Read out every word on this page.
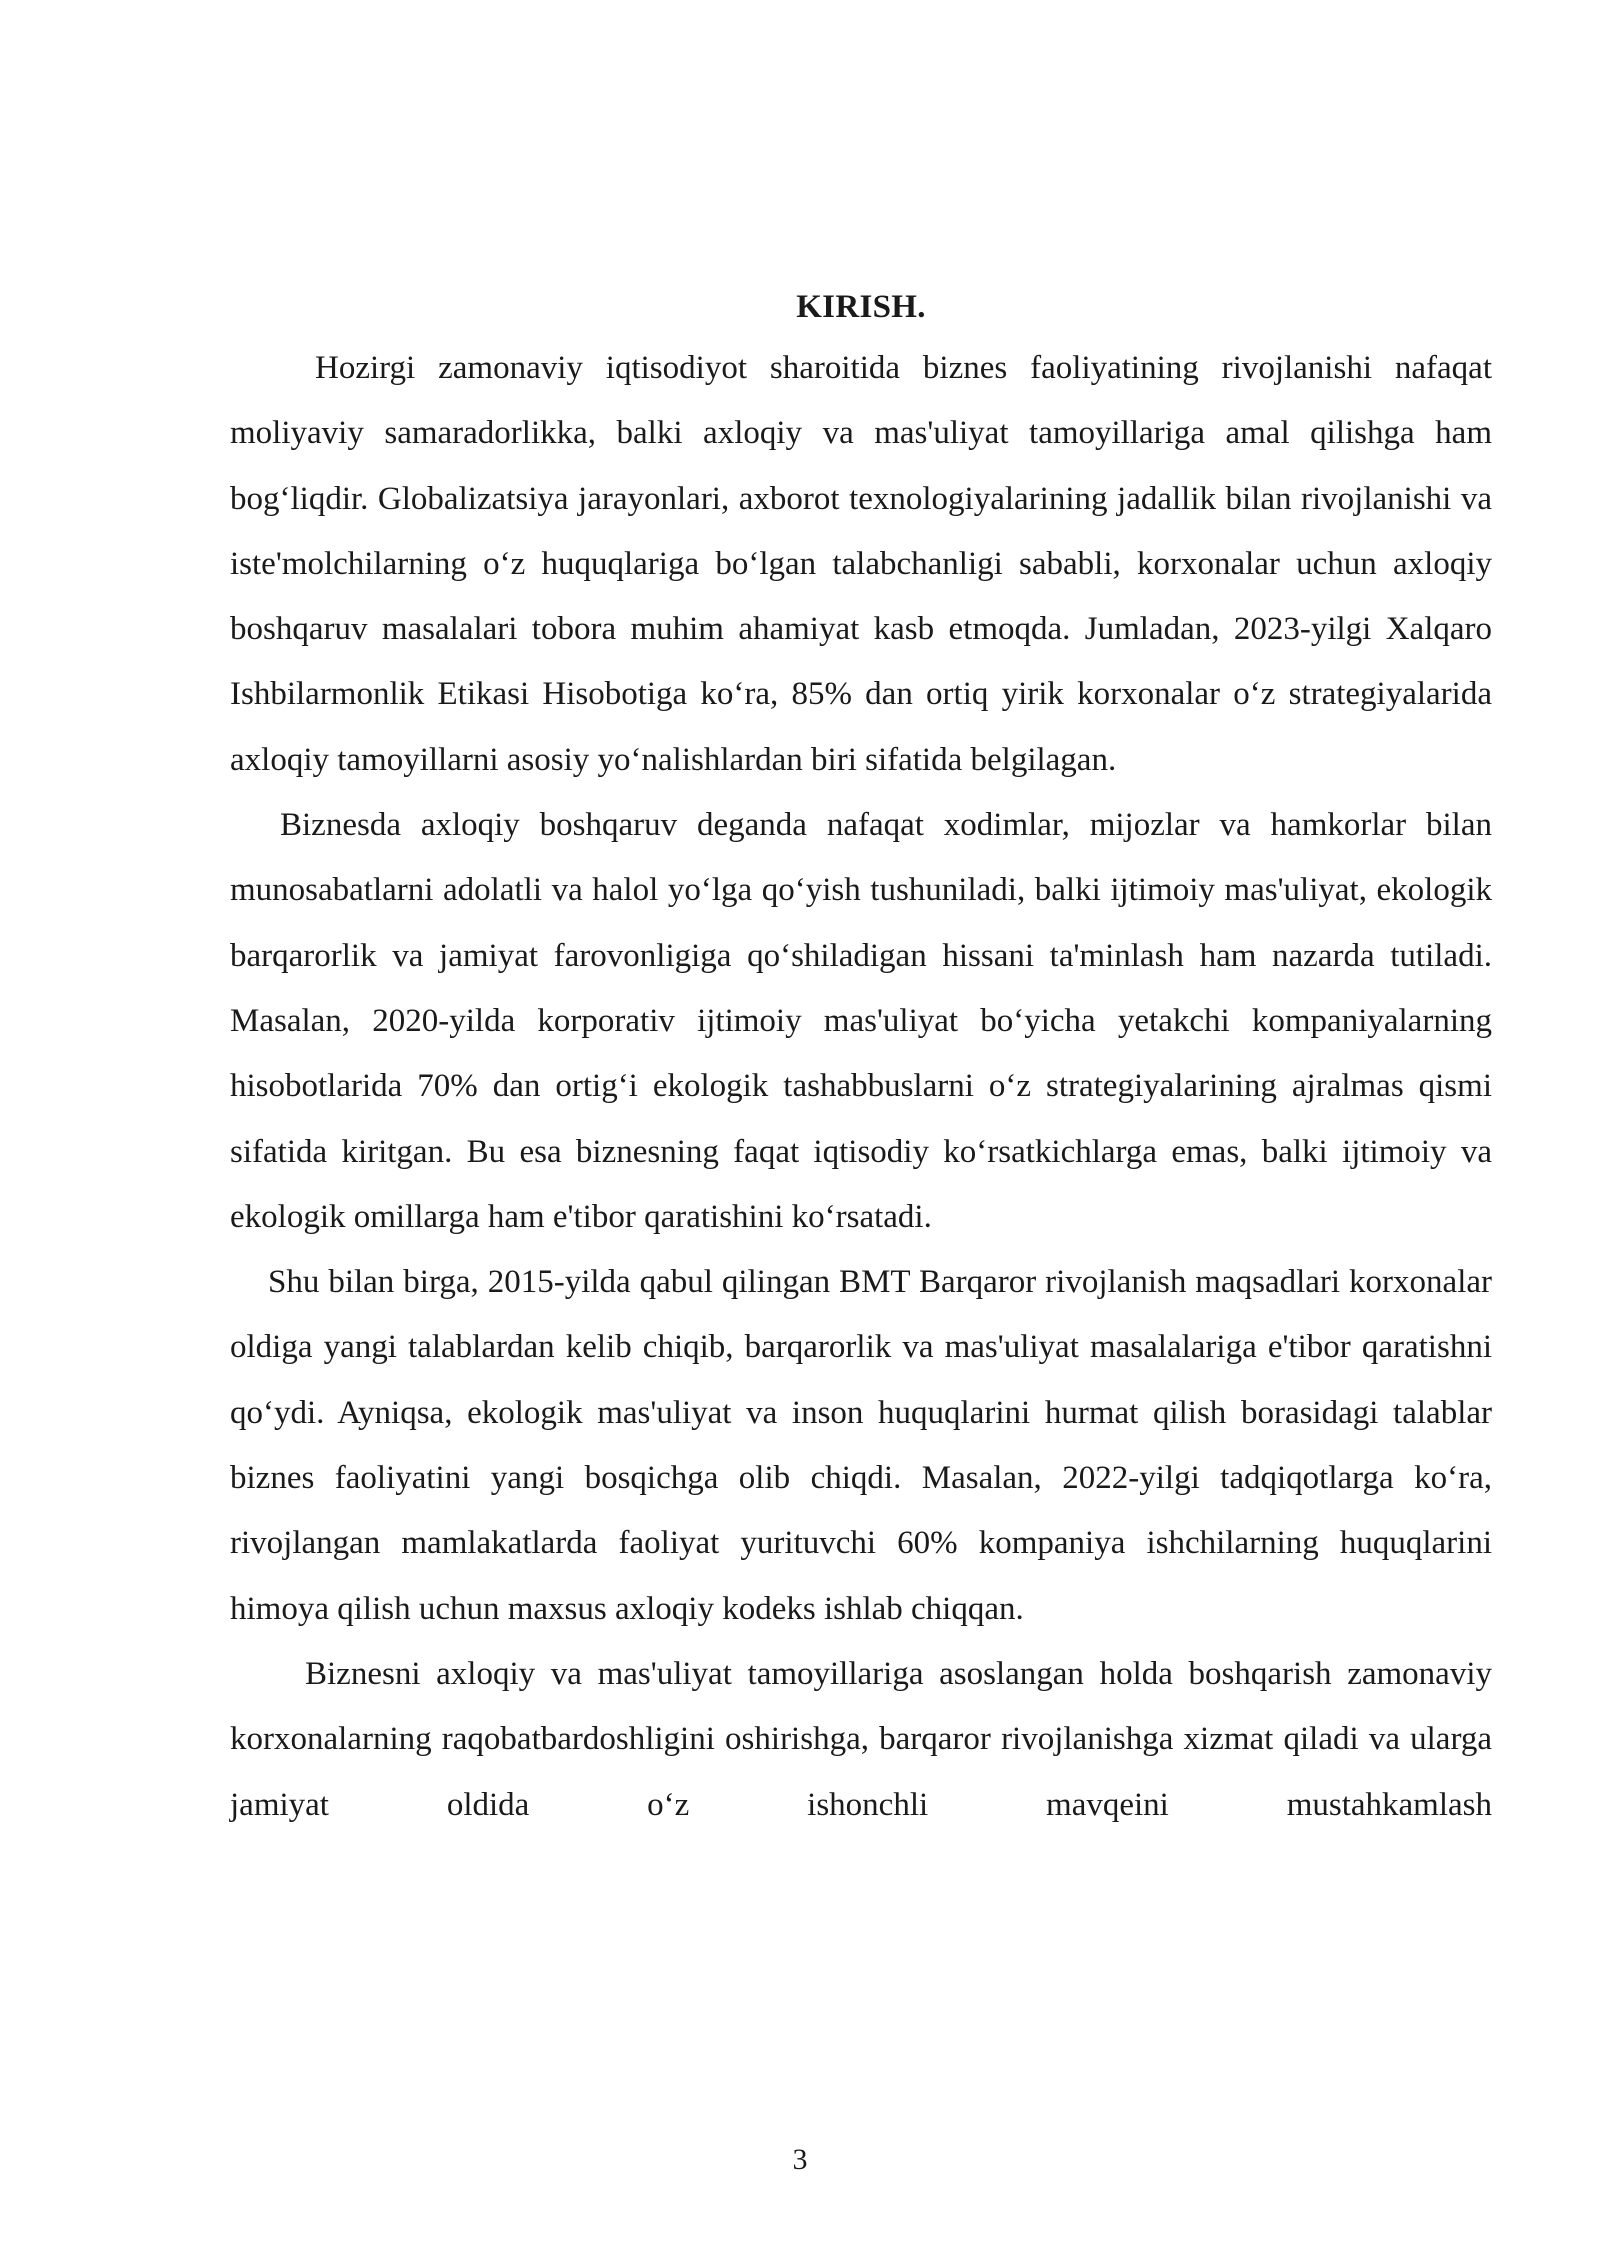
KIRISH.

Hozirgi zamonaviy iqtisodiyot sharoitida biznes faoliyatining rivojlanishi nafaqat moliyaviy samaradorlikka, balki axloqiy va mas'uliyat tamoyillariga amal qilishga ham bog‘liqdir. Globalizatsiya jarayonlari, axborot texnologiyalarining jadallik bilan rivojlanishi va iste'molchilarning o‘z huquqlariga bo‘lgan talabchanligi sababli, korxonalar uchun axloqiy boshqaruv masalalari tobora muhim ahamiyat kasb etmoqda. Jumladan, 2023-yilgi Xalqaro Ishbilarmonlik Etikasi Hisobotiga ko‘ra, 85% dan ortiq yirik korxonalar o‘z strategiyalarida axloqiy tamoyillarni asosiy yo‘nalishlardan biri sifatida belgilagan.

Biznesda axloqiy boshqaruv deganda nafaqat xodimlar, mijozlar va hamkorlar bilan munosabatlarni adolatli va halol yo‘lga qo‘yish tushuniladi, balki ijtimoiy mas'uliyat, ekologik barqarorlik va jamiyat farovonligiga qo‘shiladigan hissani ta'minlash ham nazarda tutiladi. Masalan, 2020-yilda korporativ ijtimoiy mas'uliyat bo‘yicha yetakchi kompaniyalarning hisobotlarida 70% dan ortig‘i ekologik tashabbuslarni o‘z strategiyalarining ajralmas qismi sifatida kiritgan. Bu esa biznesning faqat iqtisodiy ko‘rsatkichlarga emas, balki ijtimoiy va ekologik omillarga ham e'tibor qaratishini ko‘rsatadi.

Shu bilan birga, 2015-yilda qabul qilingan BMT Barqaror rivojlanish maqsadlari korxonalar oldiga yangi talablardan kelib chiqib, barqarorlik va mas'uliyat masalalariga e'tibor qaratishni qo‘ydi. Ayniqsa, ekologik mas'uliyat va inson huquqlarini hurmat qilish borasidagi talablar biznes faoliyatini yangi bosqichga olib chiqdi. Masalan, 2022-yilgi tadqiqotlarga ko‘ra, rivojlangan mamlakatlarda faoliyat yurituvchi 60% kompaniya ishchilarning huquqlarini himoya qilish uchun maxsus axloqiy kodeks ishlab chiqqan.

Biznesni axloqiy va mas'uliyat tamoyillariga asoslangan holda boshqarish zamonaviy korxonalarning raqobatbardoshligini oshirishga, barqaror rivojlanishga xizmat qiladi va ularga jamiyat oldida o‘z ishonchli mavqeini mustahkamlash

3
